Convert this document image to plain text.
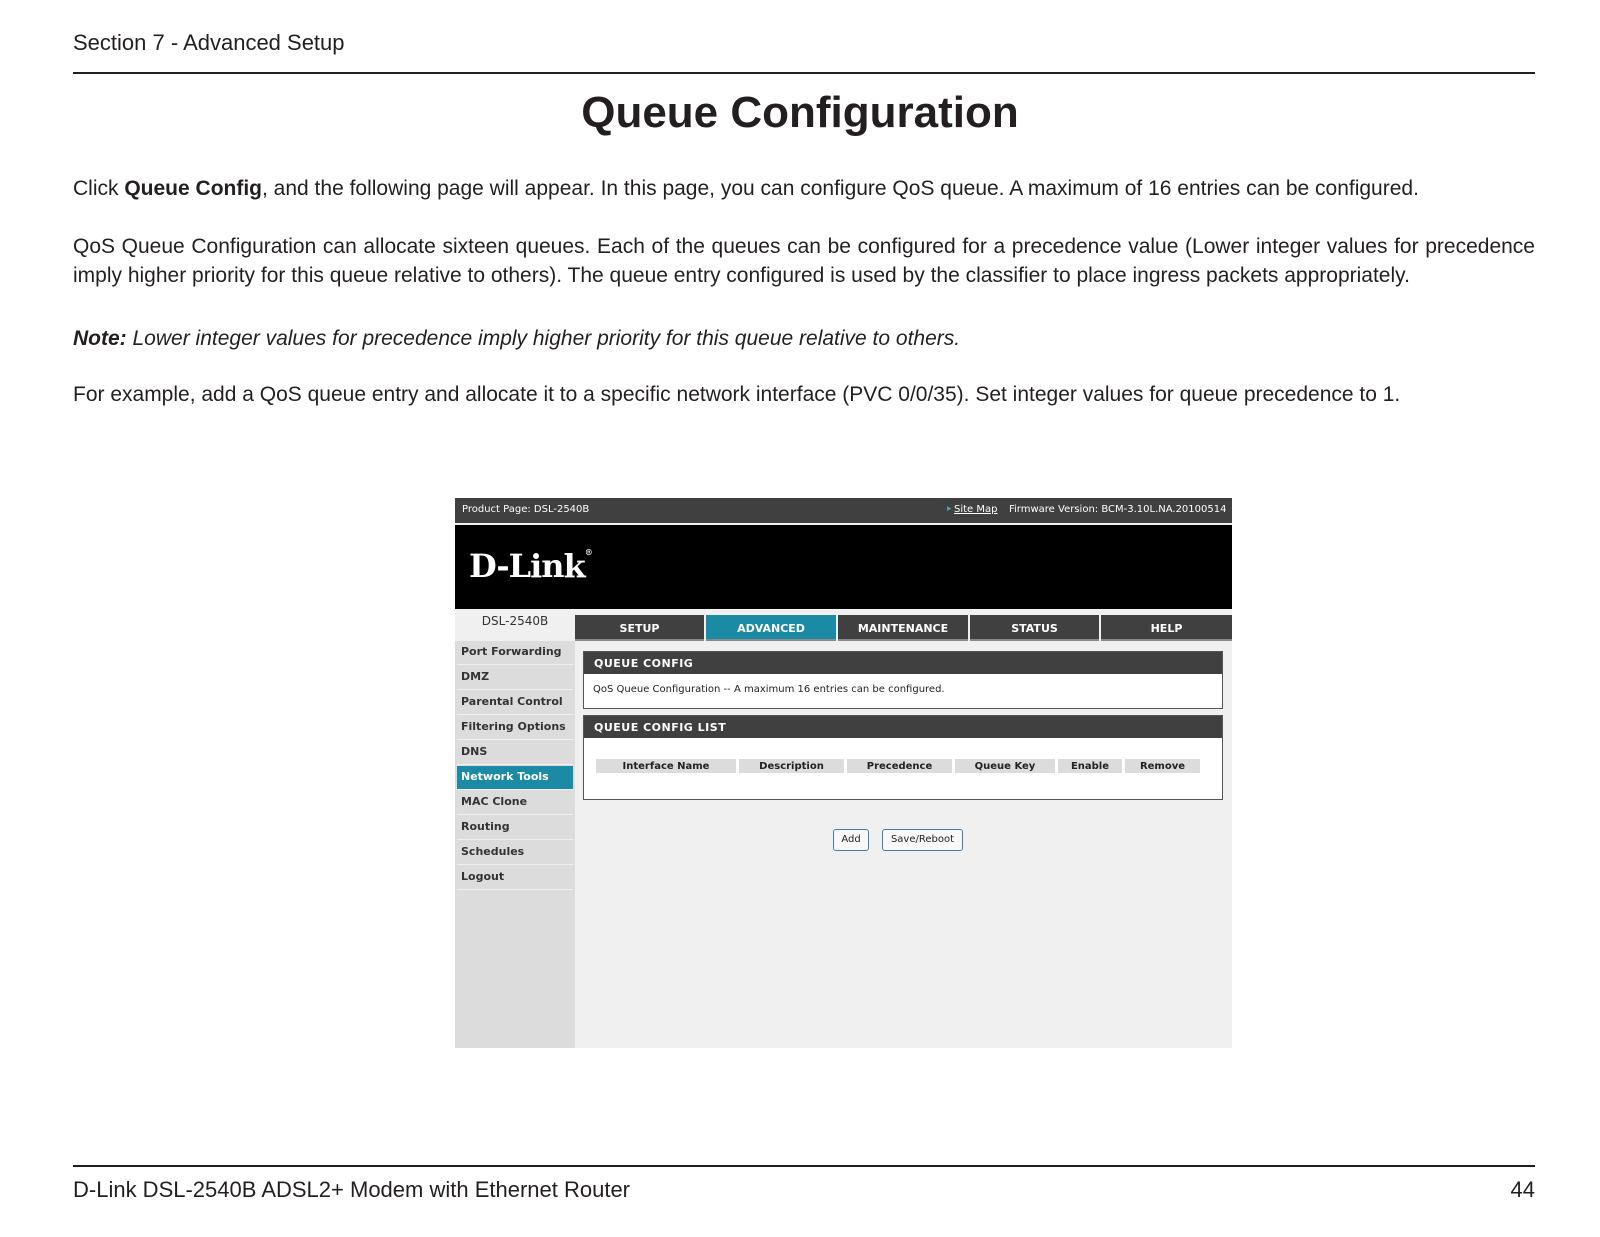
Section 7 - Advanced Setup
Queue Configuration
Click Queue Config, and the following page will appear. In this page, you can configure QoS queue. A maximum of 16 entries can be configured.
QoS Queue Configuration can allocate sixteen queues. Each of the queues can be configured for a precedence value (Lower integer values for precedence imply higher priority for this queue relative to others). The queue entry configured is used by the classifier to place ingress packets appropriately.
Note: Lower integer values for precedence imply higher priority for this queue relative to others.
For example, add a QoS queue entry and allocate it to a specific network interface (PVC 0/0/35). Set integer values for queue precedence to 1.
Product Page: DSL-2540B	▸ Site Map Firmware Version: BCM-3.10L.NA.20100514
D-Link®
DSL-2540B
SETUP	ADVANCED	MAINTENANCE	STATUS	HELP
Port Forwarding
DMZ
Parental Control
Filtering Options
DNS
Network Tools
MAC Clone
Routing
Schedules
Logout
QUEUE CONFIG
QoS Queue Configuration -- A maximum 16 entries can be configured.
QUEUE CONFIG LIST
Interface Name	Description	Precedence	Queue Key	Enable	Remove
Add	Save/Reboot
D-Link DSL-2540B ADSL2+ Modem with Ethernet Router	44
